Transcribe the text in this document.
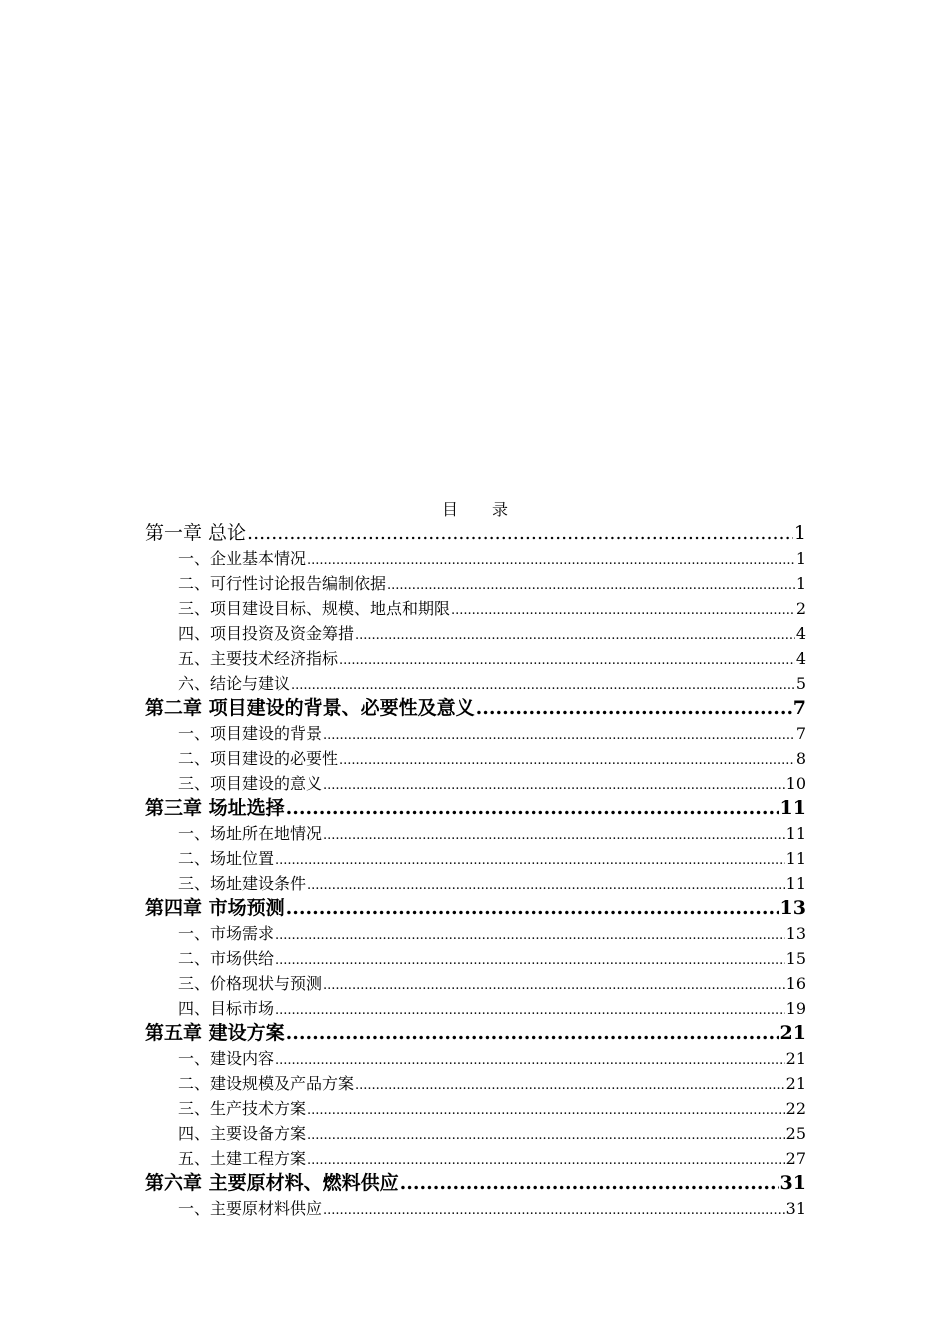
目 录
第一章 总论 .....	1
一、企业基本情况 .....	1
二、可行性讨论报告编制依据 .....	1
三、项目建设目标、规模、地点和期限 .....	2
四、项目投资及资金筹措 .....	4
五、主要技术经济指标 .....	4
六、结论与建议 .....	5
第二章 项目建设的背景、必要性及意义 .....	7
一、项目建设的背景 .....	7
二、项目建设的必要性 .....	8
三、项目建设的意义 .....	10
第三章 场址选择 .....	11
一、场址所在地情况 .....	11
二、场址位置 .....	11
三、场址建设条件 .....	11
第四章 市场预测 .....	13
一、市场需求 .....	13
二、市场供给 .....	15
三、价格现状与预测 .....	16
四、目标市场 .....	19
第五章 建设方案 .....	21
一、建设内容 .....	21
二、建设规模及产品方案 .....	21
三、生产技术方案 .....	22
四、主要设备方案 .....	25
五、土建工程方案 .....	27
第六章 主要原材料、燃料供应 .....	31
一、主要原材料供应 .....	31
